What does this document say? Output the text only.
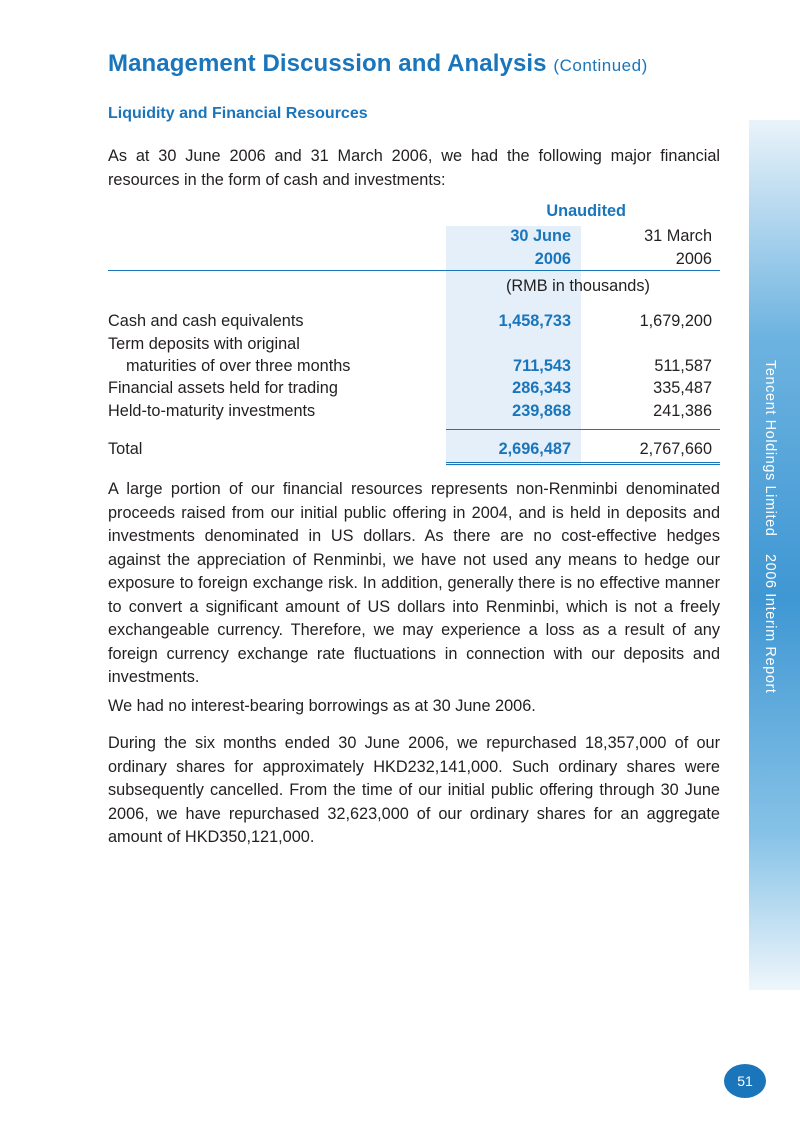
Tencent Holdings Limited2006 Interim Report
Management Discussion and Analysis (Continued)
Liquidity and Financial Resources

As at 30 June 2006 and 31 March 2006, we had the following major financial resources in the form of cash and investments:

Unaudited
30 June
2006
31 March
2006
(RMB in thousands)
Cash and cash equivalents	1,458,733	1,679,200
Term deposits with original
maturities of over three months	711,543	511,587
Financial assets held for trading	286,343	335,487
Held-to-maturity investments	239,868	241,386
Total	2,696,487	2,767,660

A large portion of our financial resources represents non-Renminbi denominated proceeds raised from our initial public offering in 2004, and is held in deposits and investments denominated in US dollars. As there are no cost-effective hedges against the appreciation of Renminbi, we have not used any means to hedge our exposure to foreign exchange risk. In addition, generally there is no effective manner to convert a significant amount of US dollars into Renminbi, which is not a freely exchangeable currency. Therefore, we may experience a loss as a result of any foreign currency exchange rate fluctuations in connection with our deposits and investments.

We had no interest-bearing borrowings as at 30 June 2006.

During the six months ended 30 June 2006, we repurchased 18,357,000 of our ordinary shares for approximately HKD232,141,000. Such ordinary shares were subsequently cancelled. From the time of our initial public offering through 30 June 2006, we have repurchased 32,623,000 of our ordinary shares for an aggregate amount of HKD350,121,000.

51
